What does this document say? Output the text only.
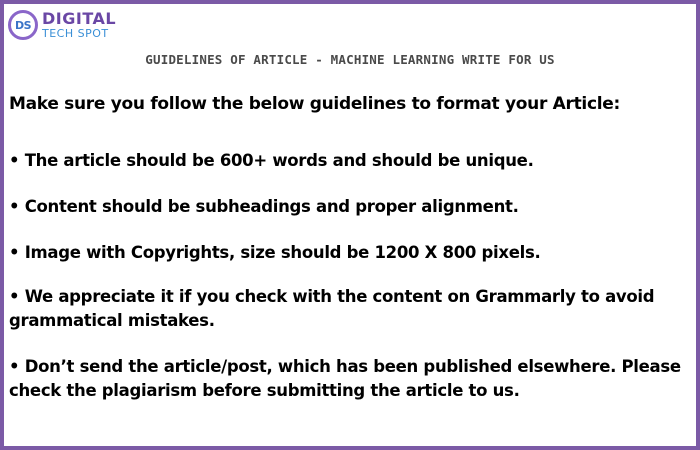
DS DIGITAL
TECH SPOT
GUIDELINES OF ARTICLE - MACHINE LEARNING WRITE FOR US

Make sure you follow the below guidelines to format your Article:

• The article should be 600+ words and should be unique.
• Content should be subheadings and proper alignment.
• Image with Copyrights, size should be 1200 X 800 pixels.
• We appreciate it if you check with the content on Grammarly to avoid grammatical mistakes.
• Don’t send the article/post, which has been published elsewhere. Please check the plagiarism before submitting the article to us.
